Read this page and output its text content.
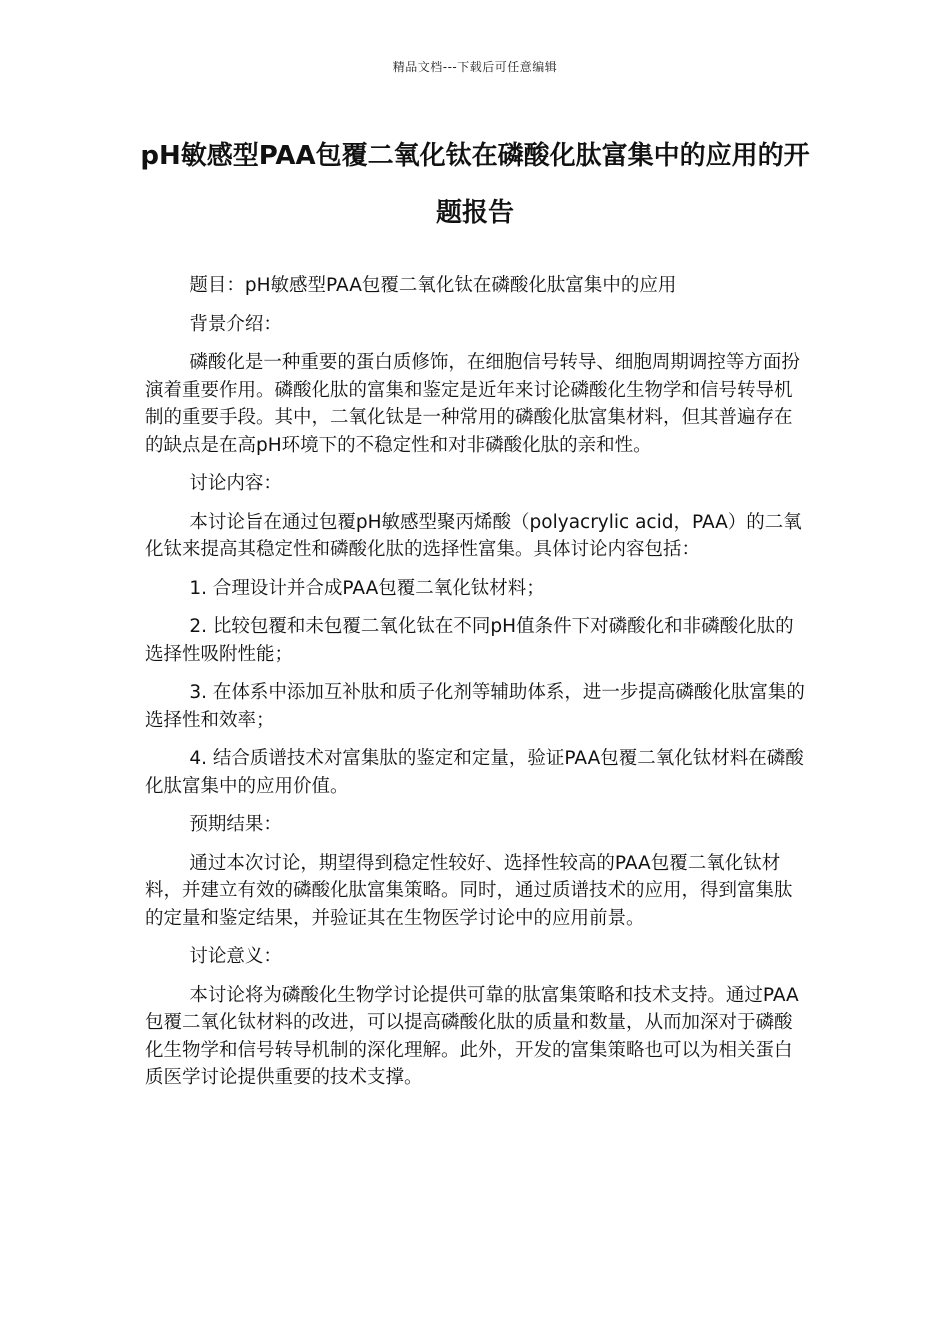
精品文档---下载后可任意编辑
pH敏感型PAA包覆二氧化钛在磷酸化肽富集中的应用的开题报告

题目：pH敏感型PAA包覆二氧化钛在磷酸化肽富集中的应用

背景介绍：

磷酸化是一种重要的蛋白质修饰，在细胞信号转导、细胞周期调控等方面扮演着重要作用。磷酸化肽的富集和鉴定是近年来讨论磷酸化生物学和信号转导机制的重要手段。其中，二氧化钛是一种常用的磷酸化肽富集材料，但其普遍存在的缺点是在高pH环境下的不稳定性和对非磷酸化肽的亲和性。

讨论内容：

本讨论旨在通过包覆pH敏感型聚丙烯酸（polyacrylic acid，PAA）的二氧化钛来提高其稳定性和磷酸化肽的选择性富集。具体讨论内容包括：

1. 合理设计并合成PAA包覆二氧化钛材料；

2. 比较包覆和未包覆二氧化钛在不同pH值条件下对磷酸化和非磷酸化肽的选择性吸附性能；

3. 在体系中添加互补肽和质子化剂等辅助体系，进一步提高磷酸化肽富集的选择性和效率；

4. 结合质谱技术对富集肽的鉴定和定量，验证PAA包覆二氧化钛材料在磷酸化肽富集中的应用价值。

预期结果：

通过本次讨论，期望得到稳定性较好、选择性较高的PAA包覆二氧化钛材料，并建立有效的磷酸化肽富集策略。同时，通过质谱技术的应用，得到富集肽的定量和鉴定结果，并验证其在生物医学讨论中的应用前景。

讨论意义：

本讨论将为磷酸化生物学讨论提供可靠的肽富集策略和技术支持。通过PAA包覆二氧化钛材料的改进，可以提高磷酸化肽的质量和数量，从而加深对于磷酸化生物学和信号转导机制的深化理解。此外，开发的富集策略也可以为相关蛋白质医学讨论提供重要的技术支撑。
